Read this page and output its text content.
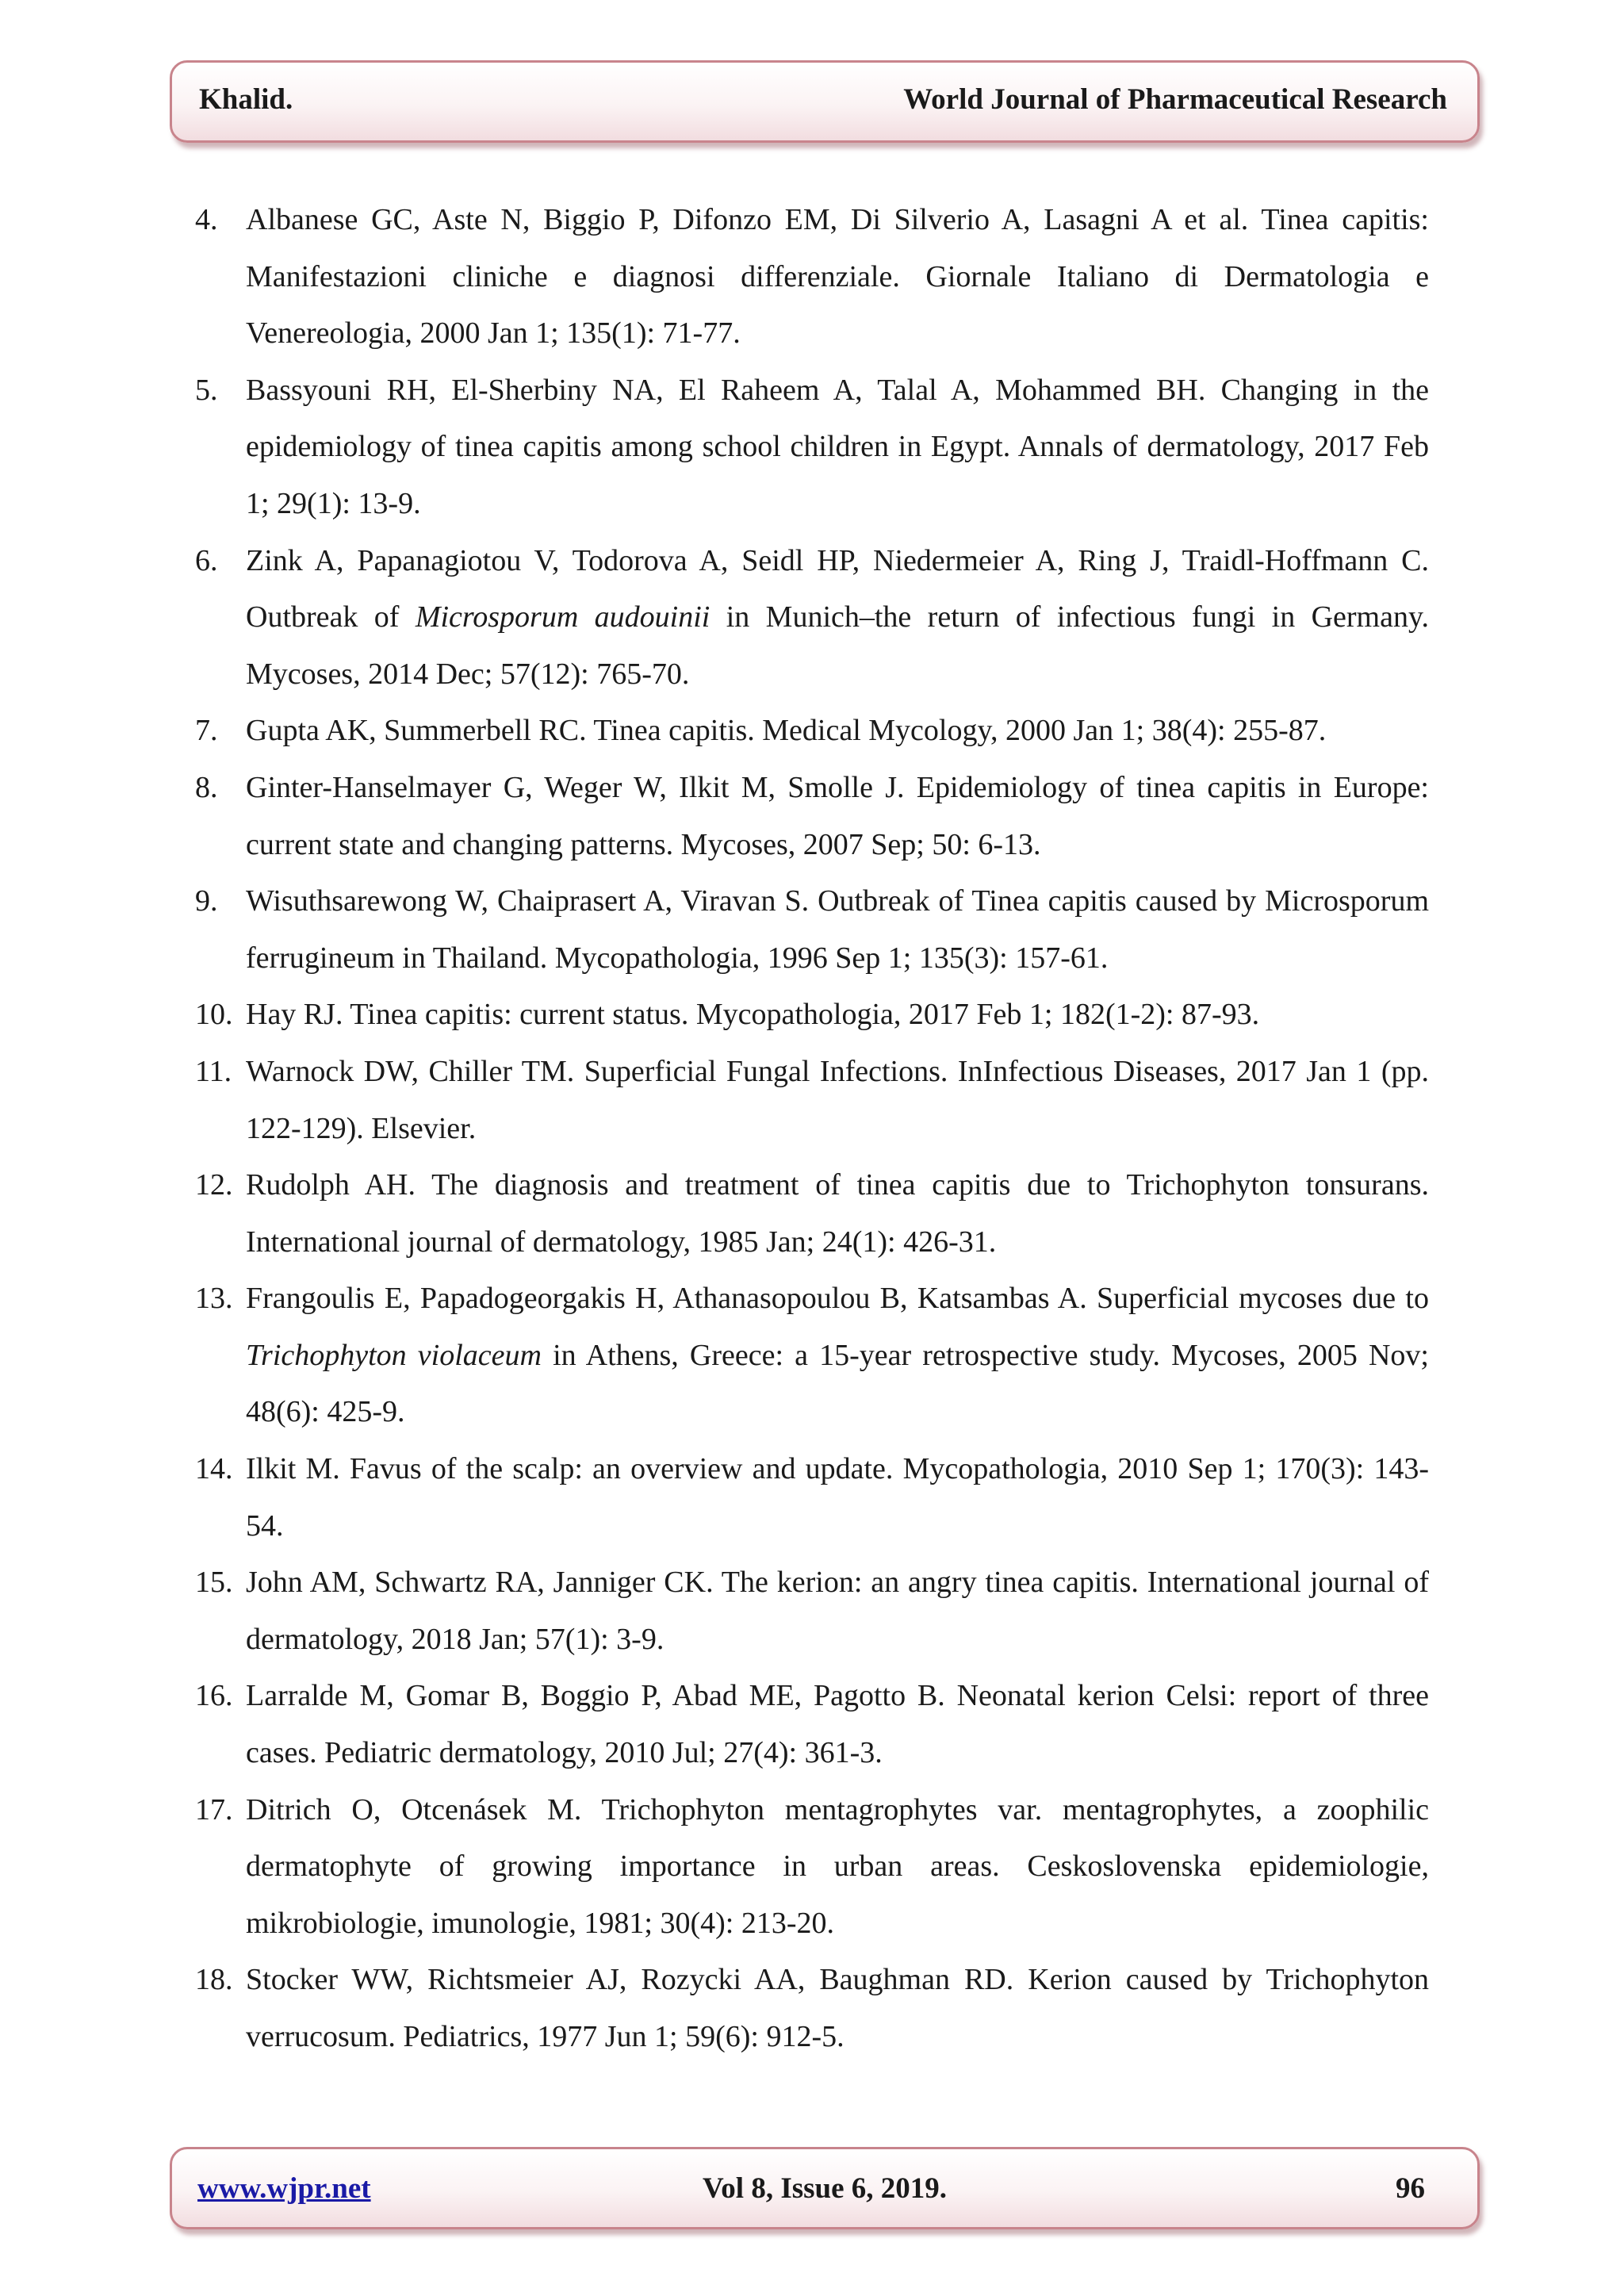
Khalid.	World Journal of Pharmaceutical Research
4. Albanese GC, Aste N, Biggio P, Difonzo EM, Di Silverio A, Lasagni A et al. Tinea capitis: Manifestazioni cliniche e diagnosi differenziale. Giornale Italiano di Dermatologia e Venereologia, 2000 Jan 1; 135(1): 71-77.
5. Bassyouni RH, El-Sherbiny NA, El Raheem A, Talal A, Mohammed BH. Changing in the epidemiology of tinea capitis among school children in Egypt. Annals of dermatology, 2017 Feb 1; 29(1): 13-9.
6. Zink A, Papanagiotou V, Todorova A, Seidl HP, Niedermeier A, Ring J, Traidl-Hoffmann C. Outbreak of Microsporum audouinii in Munich–the return of infectious fungi in Germany. Mycoses, 2014 Dec; 57(12): 765-70.
7. Gupta AK, Summerbell RC. Tinea capitis. Medical Mycology, 2000 Jan 1; 38(4): 255-87.
8. Ginter-Hanselmayer G, Weger W, Ilkit M, Smolle J. Epidemiology of tinea capitis in Europe: current state and changing patterns. Mycoses, 2007 Sep; 50: 6-13.
9. Wisuthsarewong W, Chaiprasert A, Viravan S. Outbreak of Tinea capitis caused by Microsporum ferrugineum in Thailand. Mycopathologia, 1996 Sep 1; 135(3): 157-61.
10. Hay RJ. Tinea capitis: current status. Mycopathologia, 2017 Feb 1; 182(1-2): 87-93.
11. Warnock DW, Chiller TM. Superficial Fungal Infections. InInfectious Diseases, 2017 Jan 1 (pp. 122-129). Elsevier.
12. Rudolph AH. The diagnosis and treatment of tinea capitis due to Trichophyton tonsurans. International journal of dermatology, 1985 Jan; 24(1): 426-31.
13. Frangoulis E, Papadogeorgakis H, Athanasopoulou B, Katsambas A. Superficial mycoses due to Trichophyton violaceum in Athens, Greece: a 15-year retrospective study. Mycoses, 2005 Nov; 48(6): 425-9.
14. Ilkit M. Favus of the scalp: an overview and update. Mycopathologia, 2010 Sep 1; 170(3): 143-54.
15. John AM, Schwartz RA, Janniger CK. The kerion: an angry tinea capitis. International journal of dermatology, 2018 Jan; 57(1): 3-9.
16. Larralde M, Gomar B, Boggio P, Abad ME, Pagotto B. Neonatal kerion Celsi: report of three cases. Pediatric dermatology, 2010 Jul; 27(4): 361-3.
17. Ditrich O, Otcenásek M. Trichophyton mentagrophytes var. mentagrophytes, a zoophilic dermatophyte of growing importance in urban areas. Ceskoslovenska epidemiologie, mikrobiologie, imunologie, 1981; 30(4): 213-20.
18. Stocker WW, Richtsmeier AJ, Rozycki AA, Baughman RD. Kerion caused by Trichophyton verrucosum. Pediatrics, 1977 Jun 1; 59(6): 912-5.
www.wjpr.net	Vol 8, Issue 6, 2019.	96
